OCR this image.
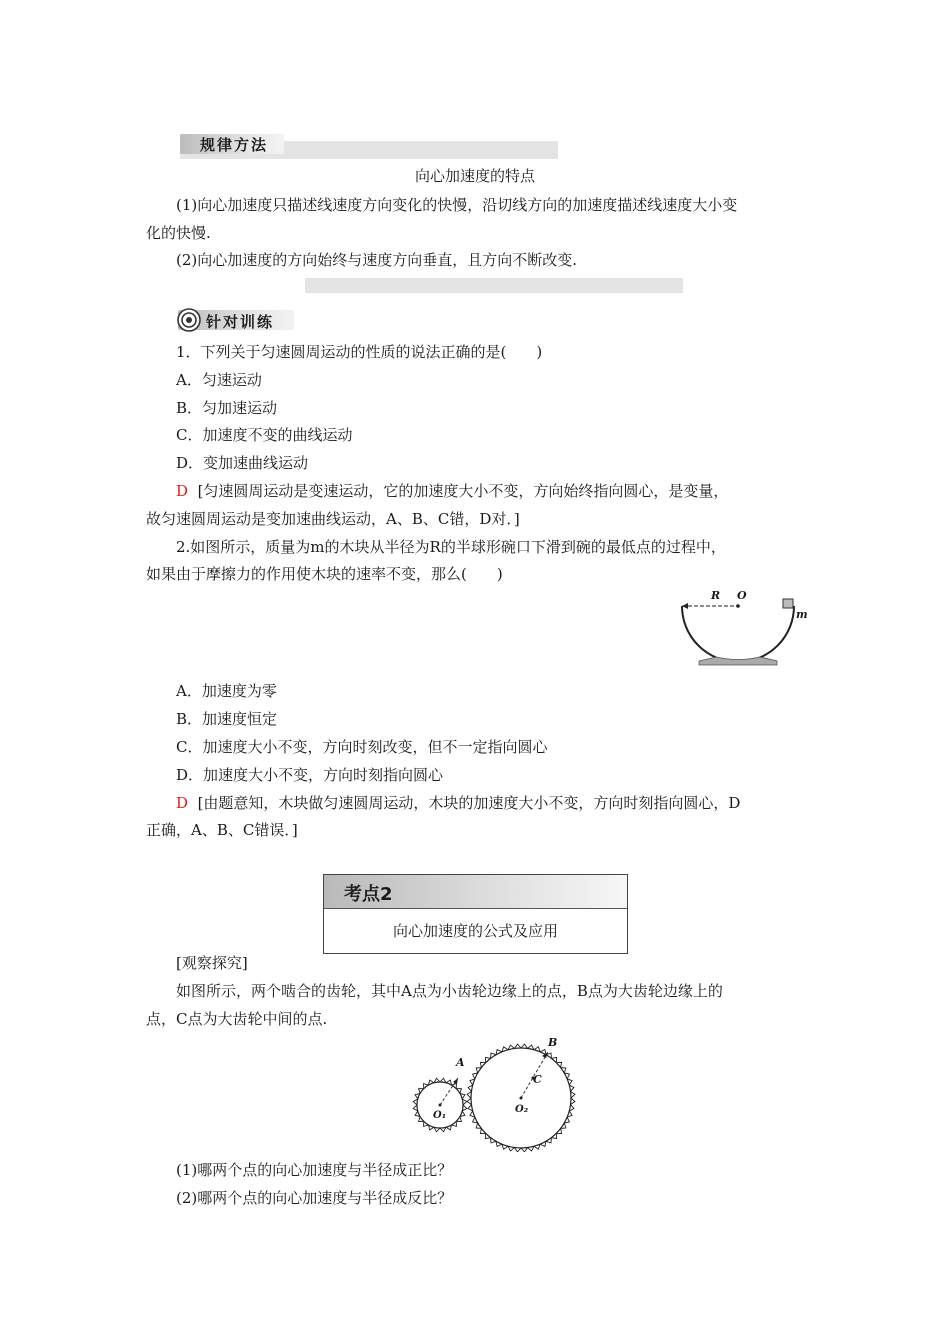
规律方法
向心加速度的特点
(1)向心加速度只描述线速度方向变化的快慢，沿切线方向的加速度描述线速度大小变
化的快慢.
(2)向心加速度的方向始终与速度方向垂直，且方向不断改变.
针对训练
1．下列关于匀速圆周运动的性质的说法正确的是(　　)
A．匀速运动
B．匀加速运动
C．加速度不变的曲线运动
D．变加速曲线运动
D [匀速圆周运动是变速运动，它的加速度大小不变，方向始终指向圆心，是变量，
故匀速圆周运动是变加速曲线运动，A、B、C错，D对．]
2.如图所示，质量为m的木块从半径为R的半球形碗口下滑到碗的最低点的过程中，
如果由于摩擦力的作用使木块的速率不变，那么(　　)
R O
m
A．加速度为零
B．加速度恒定
C．加速度大小不变，方向时刻改变，但不一定指向圆心
D．加速度大小不变，方向时刻指向圆心
D [由题意知，木块做匀速圆周运动，木块的加速度大小不变，方向时刻指向圆心，D
正确，A、B、C错误．]
考点2
向心加速度的公式及应用
[观察探究]
如图所示，两个啮合的齿轮，其中A点为小齿轮边缘上的点，B点为大齿轮边缘上的
点，C点为大齿轮中间的点.
A
B
C
O₁
O₂
(1)哪两个点的向心加速度与半径成正比？
(2)哪两个点的向心加速度与半径成反比？
